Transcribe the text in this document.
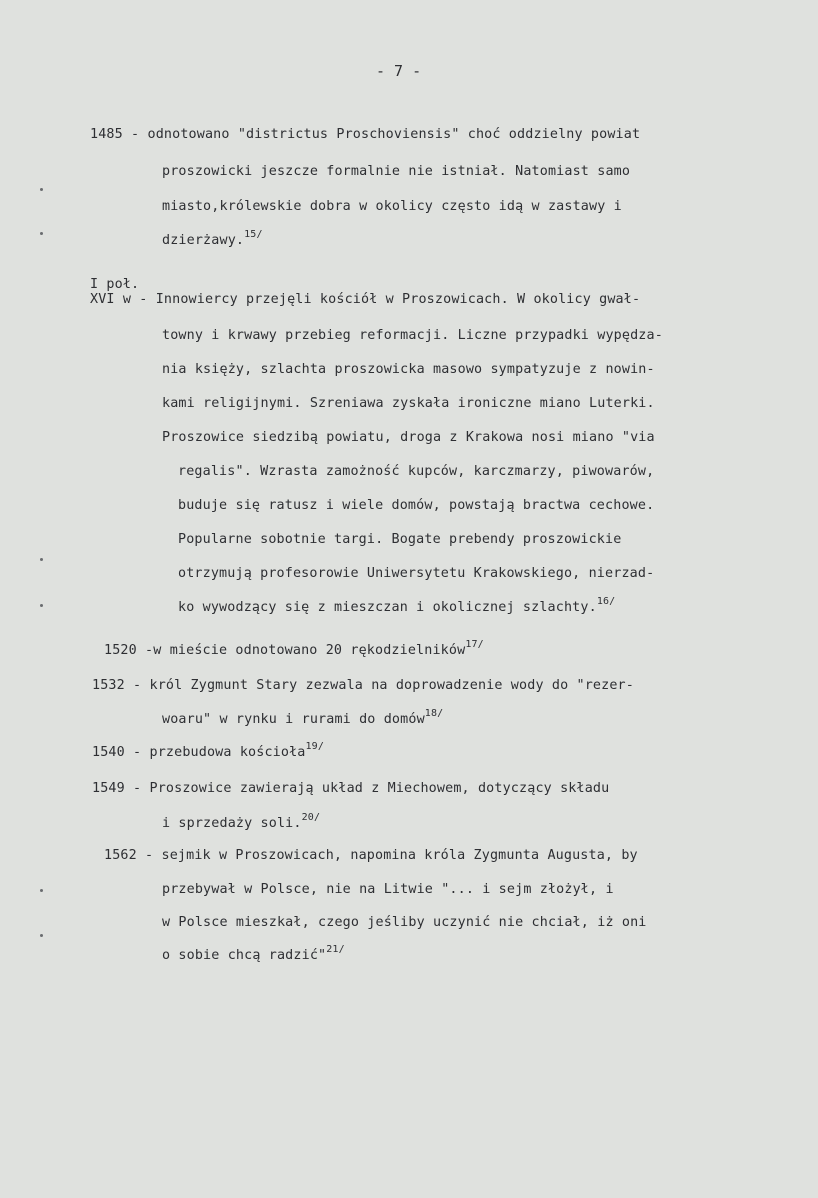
- 7 -
1485 - odnotowano "districtus Proschoviensis" choć oddzielny powiat
proszowicki jeszcze formalnie nie istniał. Natomiast samo
miasto,królewskie dobra w okolicy często idą w zastawy i
dzierżawy.$^{15/}$
I poł.
XVI w - Innowiercy przejęli kościół w Proszowicach. W okolicy gwał-
towny i krwawy przebieg reformacji. Liczne przypadki wypędza-
nia księży, szlachta proszowicka masowo sympatyzuje z nowin-
kami religijnymi. Szreniawa zyskała ironiczne miano Luterki.
Proszowice siedzibą powiatu, droga z Krakowa nosi miano "via
regalis". Wzrasta zamożność kupców, karczmarzy, piwowarów,
buduje się ratusz i wiele domów, powstają bractwa cechowe.
Popularne sobotnie targi. Bogate prebendy proszowickie
otrzymują profesorowie Uniwersytetu Krakowskiego, nierzad-
ko wywodzący się z mieszczan i okolicznej szlachty.$^{16/}$
1520 -w mieście odnotowano 20 rękodzielników$^{17/}$
1532 - król Zygmunt Stary zezwala na doprowadzenie wody do "rezer-
woaru" w rynku i rurami do domów$^{18/}$
1540 - przebudowa kościoła$^{19/}$
1549 - Proszowice zawierają układ z Miechowem, dotyczący składu
i sprzedaży soli.$^{20/}$
1562 - sejmik w Proszowicach, napomina króla Zygmunta Augusta, by
przebywał w Polsce, nie na Litwie "... i sejm złożył, i
w Polsce mieszkał, czego jeśliby uczynić nie chciał, iż oni
o sobie chcą radzić"$^{21/}$
